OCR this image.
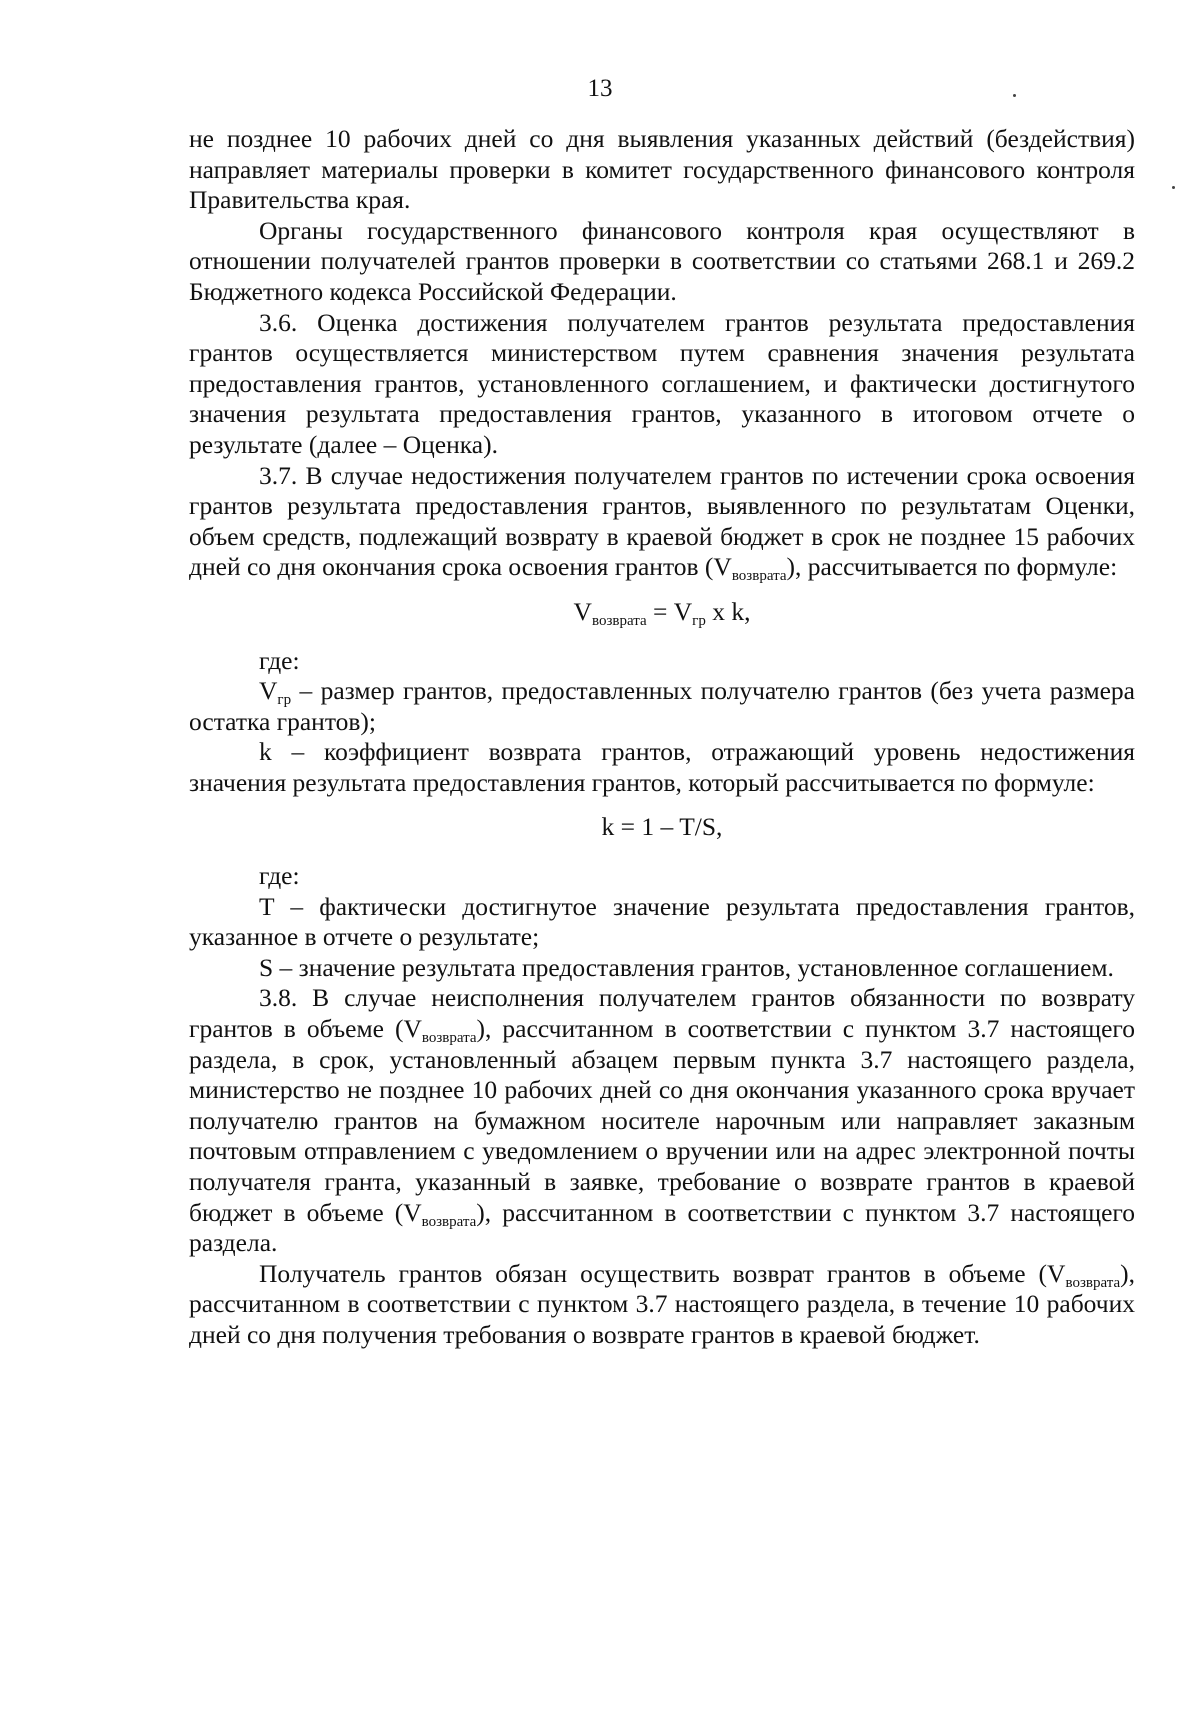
13

не позднее 10 рабочих дней со дня выявления указанных действий (бездействия) направляет материалы проверки в комитет государственного финансового контроля Правительства края.

Органы государственного финансового контроля края осуществляют в отношении получателей грантов проверки в соответствии со статьями 268.1 и 269.2 Бюджетного кодекса Российской Федерации.

3.6. Оценка достижения получателем грантов результата предоставления грантов осуществляется министерством путем сравнения значения результата предоставления грантов, установленного соглашением, и фактически достигнутого значения результата предоставления грантов, указанного в итоговом отчете о результате (далее – Оценка).

3.7. В случае недостижения получателем грантов по истечении срока освоения грантов результата предоставления грантов, выявленного по результатам Оценки, объем средств, подлежащий возврату в краевой бюджет в срок не позднее 15 рабочих дней со дня окончания срока освоения грантов $(V_{возврата})$, рассчитывается по формуле:

$V_{возврата} = V_{гр}$ x k,

где:

$V_{гр}$ – размер грантов, предоставленных получателю грантов (без учета размера остатка грантов);

k – коэффициент возврата грантов, отражающий уровень недостижения значения результата предоставления грантов, который рассчитывается по формуле:

k = 1 – T/S,

где:

T – фактически достигнутое значение результата предоставления грантов, указанное в отчете о результате;

S – значение результата предоставления грантов, установленное соглашением.

3.8. В случае неисполнения получателем грантов обязанности по возврату грантов в объеме $(V_{возврата})$, рассчитанном в соответствии с пунктом 3.7 настоящего раздела, в срок, установленный абзацем первым пункта 3.7 настоящего раздела, министерство не позднее 10 рабочих дней со дня окончания указанного срока вручает получателю грантов на бумажном носителе нарочным или направляет заказным почтовым отправлением с уведомлением о вручении или на адрес электронной почты получателя гранта, указанный в заявке, требование о возврате грантов в краевой бюджет в объеме $(V_{возврата})$, рассчитанном в соответствии с пунктом 3.7 настоящего раздела.

Получатель грантов обязан осуществить возврат грантов в объеме $(V_{возврата})$, рассчитанном в соответствии с пунктом 3.7 настоящего раздела, в течение 10 рабочих дней со дня получения требования о возврате грантов в краевой бюджет.
